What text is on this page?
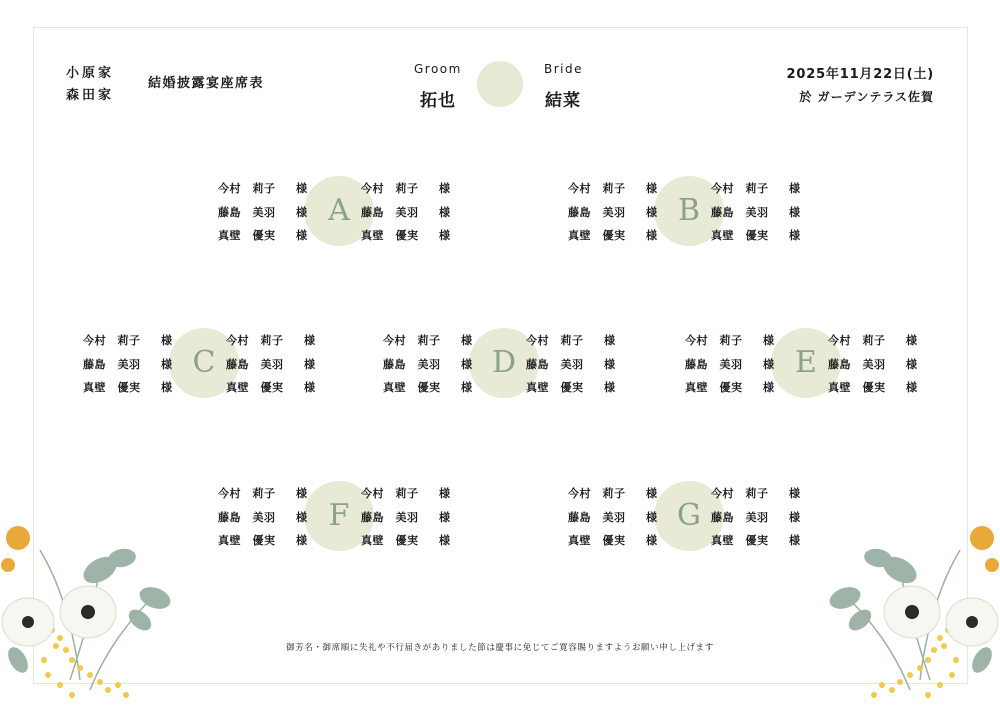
小原家
森田家
結婚披露宴座席表
Groom
拓也
Bride
結菜
2025年11月22日(土)
於 ガーデンテラス佐賀
A
今村　莉子 様
藤島　美羽 様
真壁　優実 様
今村　莉子 様
藤島　美羽 様
真壁　優実 様
B
今村　莉子 様
藤島　美羽 様
真壁　優実 様
今村　莉子 様
藤島　美羽 様
真壁　優実 様
C
今村　莉子 様
藤島　美羽 様
真壁　優実 様
今村　莉子 様
藤島　美羽 様
真壁　優実 様
D
今村　莉子 様
藤島　美羽 様
真壁　優実 様
今村　莉子 様
藤島　美羽 様
真壁　優実 様
E
今村　莉子 様
藤島　美羽 様
真壁　優実 様
今村　莉子 様
藤島　美羽 様
真壁　優実 様
F
今村　莉子 様
藤島　美羽 様
真壁　優実 様
今村　莉子 様
藤島　美羽 様
真壁　優実 様
G
今村　莉子 様
藤島　美羽 様
真壁　優実 様
今村　莉子 様
藤島　美羽 様
真壁　優実 様
御芳名・御席順に失礼や不行届きがありました節は慶事に免じてご寛容賜りますようお願い申し上げます
